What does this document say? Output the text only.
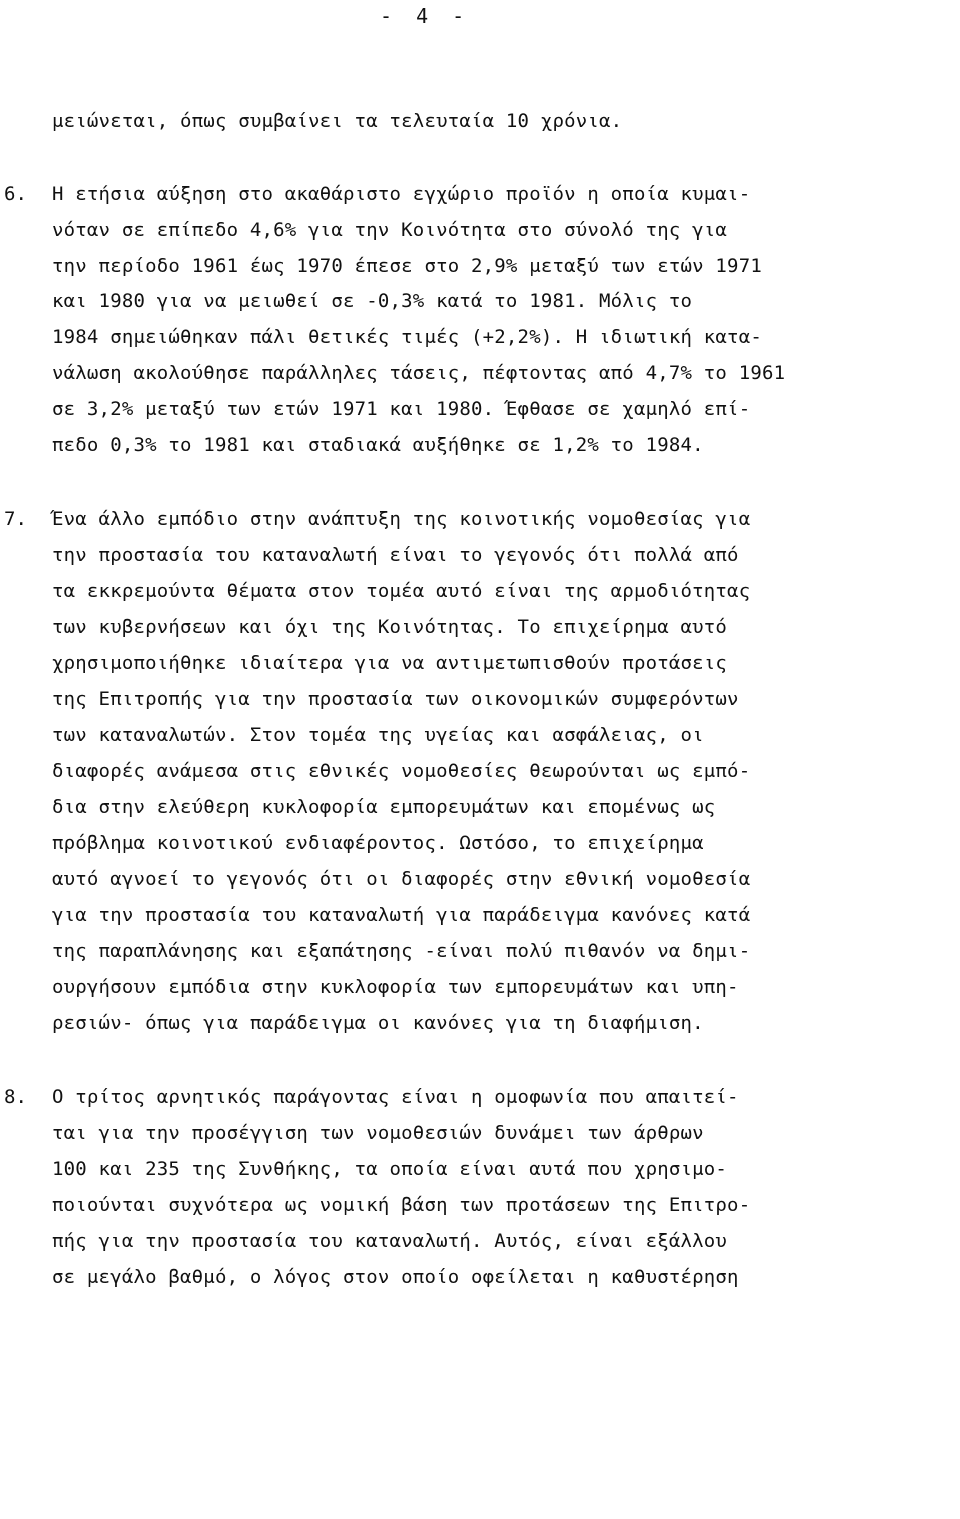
- 4 -
μειώνεται, όπως συμβαίνει τα τελευταία 10 χρόνια.
6. Η ετήσια αύξηση στο ακαθάριστο εγχώριο προϊόν η οποία κυμαι-
νόταν σε επίπεδο 4,6% για την Κοινότητα στο σύνολό της για
την περίοδο 1961 έως 1970 έπεσε στο 2,9% μεταξύ των ετών 1971
και 1980 για να μειωθεί σε -0,3% κατά το 1981. Μόλις το
1984 σημειώθηκαν πάλι θετικές τιμές (+2,2%). Η ιδιωτική κατα-
νάλωση ακολούθησε παράλληλες τάσεις, πέφτοντας από 4,7% το 1961
σε 3,2% μεταξύ των ετών 1971 και 1980. Έφθασε σε χαμηλό επί-
πεδο 0,3% το 1981 και σταδιακά αυξήθηκε σε 1,2% το 1984.
7. Ένα άλλο εμπόδιο στην ανάπτυξη της κοινοτικής νομοθεσίας για
την προστασία του καταναλωτή είναι το γεγονός ότι πολλά από
τα εκκρεμούντα θέματα στον τομέα αυτό είναι της αρμοδιότητας
των κυβερνήσεων και όχι της Κοινότητας. Το επιχείρημα αυτό
χρησιμοποιήθηκε ιδιαίτερα για να αντιμετωπισθούν προτάσεις
της Επιτροπής για την προστασία των οικονομικών συμφερόντων
των καταναλωτών. Στον τομέα της υγείας και ασφάλειας, οι
διαφορές ανάμεσα στις εθνικές νομοθεσίες θεωρούνται ως εμπό-
δια στην ελεύθερη κυκλοφορία εμπορευμάτων και επομένως ως
πρόβλημα κοινοτικού ενδιαφέροντος. Ωστόσο, το επιχείρημα
αυτό αγνοεί το γεγονός ότι οι διαφορές στην εθνική νομοθεσία
για την προστασία του καταναλωτή για παράδειγμα κανόνες κατά
της παραπλάνησης και εξαπάτησης -είναι πολύ πιθανόν να δημι-
ουργήσουν εμπόδια στην κυκλοφορία των εμπορευμάτων και υπη-
ρεσιών- όπως για παράδειγμα οι κανόνες για τη διαφήμιση.
8. Ο τρίτος αρνητικός παράγοντας είναι η ομοφωνία που απαιτεί-
ται για την προσέγγιση των νομοθεσιών δυνάμει των άρθρων
100 και 235 της Συνθήκης, τα οποία είναι αυτά που χρησιμο-
ποιούνται συχνότερα ως νομική βάση των προτάσεων της Επιτρο-
πής για την προστασία του καταναλωτή. Αυτός, είναι εξάλλου
σε μεγάλο βαθμό, ο λόγος στον οποίο οφείλεται η καθυστέρηση
